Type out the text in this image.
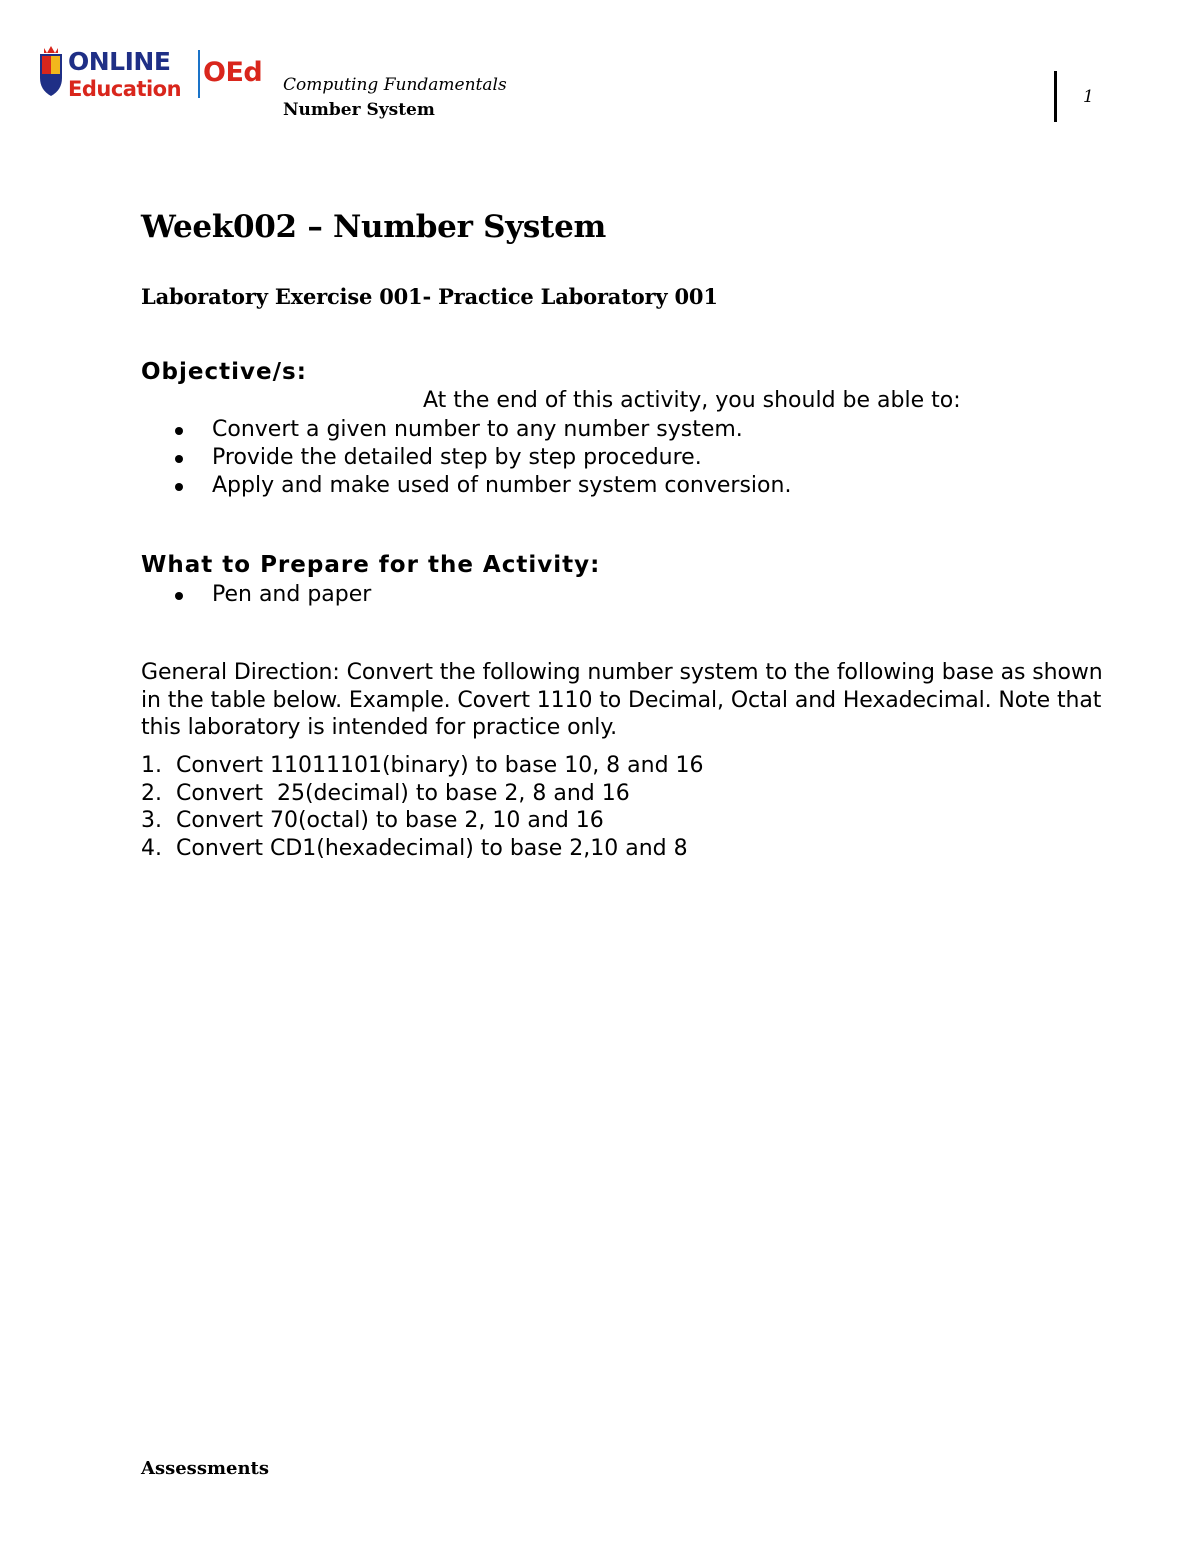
ONLINE
Education
OEd Computing Fundamentals
Number System
1
Week002 – Number System
Laboratory Exercise 001- Practice Laboratory 001
Objective/s:
At the end of this activity, you should be able to:
Convert a given number to any number system.
Provide the detailed step by step procedure.
Apply and make used of number system conversion.
What to Prepare for the Activity:
Pen and paper
General Direction: Convert the following number system to the following base as shown in the table below. Example. Covert 1110 to Decimal, Octal and Hexadecimal. Note that this laboratory is intended for practice only.
1. Convert 11011101(binary) to base 10, 8 and 16
2. Convert  25(decimal) to base 2, 8 and 16
3. Convert 70(octal) to base 2, 10 and 16
4. Convert CD1(hexadecimal) to base 2,10 and 8
Assessments
